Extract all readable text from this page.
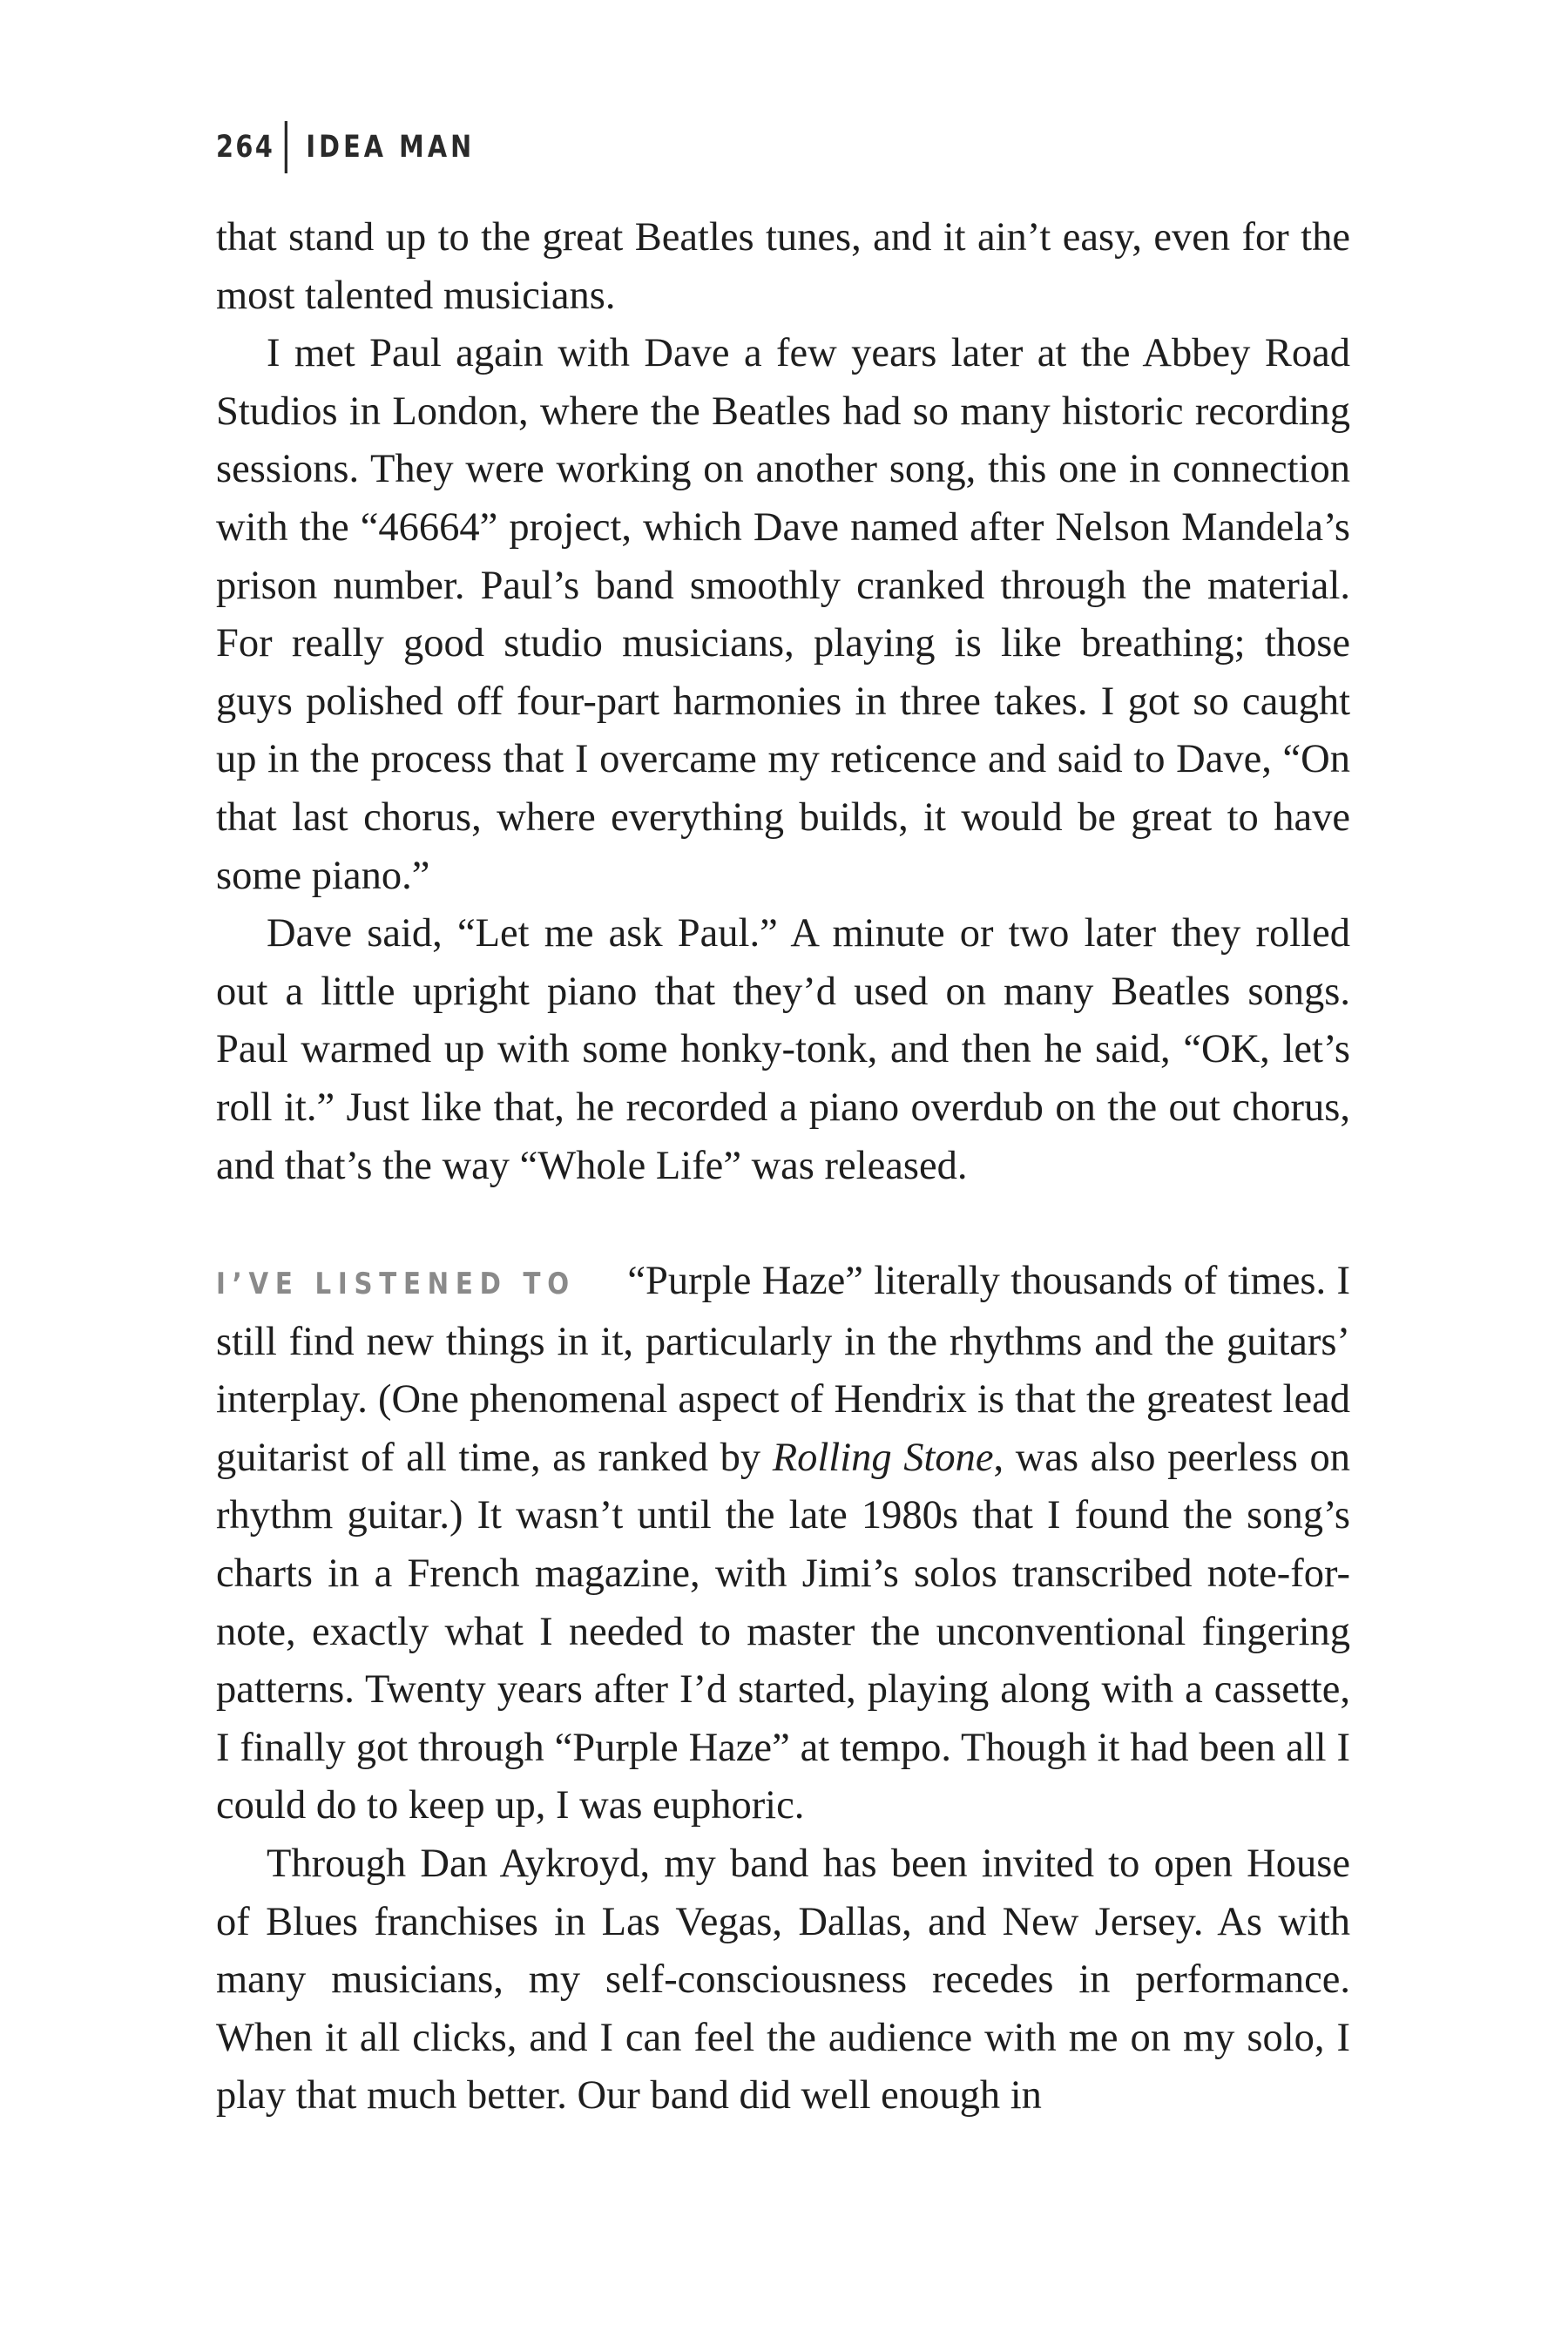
264 IDEA MAN

that stand up to the great Beatles tunes, and it ain’t easy, even for the most talented musicians.

I met Paul again with Dave a few years later at the Abbey Road Studios in London, where the Beatles had so many historic recording sessions. They were working on another song, this one in connection with the “46664” project, which Dave named after Nelson Mandela’s prison number. Paul’s band smoothly cranked through the material. For really good studio musicians, playing is like breathing; those guys polished off four-part harmonies in three takes. I got so caught up in the process that I overcame my reticence and said to Dave, “On that last chorus, where everything builds, it would be great to have some piano.”

Dave said, “Let me ask Paul.” A minute or two later they rolled out a little upright piano that they’d used on many Beatles songs. Paul warmed up with some honky-tonk, and then he said, “OK, let’s roll it.” Just like that, he recorded a piano overdub on the out chorus, and that’s the way “Whole Life” was released.

I’VE LISTENED TO “Purple Haze” literally thousands of times. I still find new things in it, particularly in the rhythms and the guitars’ interplay. (One phenomenal aspect of Hendrix is that the greatest lead guitarist of all time, as ranked by Rolling Stone, was also peerless on rhythm guitar.) It wasn’t until the late 1980s that I found the song’s charts in a French magazine, with Jimi’s solos transcribed note-for-note, exactly what I needed to master the unconventional fingering patterns. Twenty years after I’d started, playing along with a cassette, I finally got through “Purple Haze” at tempo. Though it had been all I could do to keep up, I was euphoric.

Through Dan Aykroyd, my band has been invited to open House of Blues franchises in Las Vegas, Dallas, and New Jersey. As with many musicians, my self-consciousness recedes in performance. When it all clicks, and I can feel the audience with me on my solo, I play that much better. Our band did well enough in
